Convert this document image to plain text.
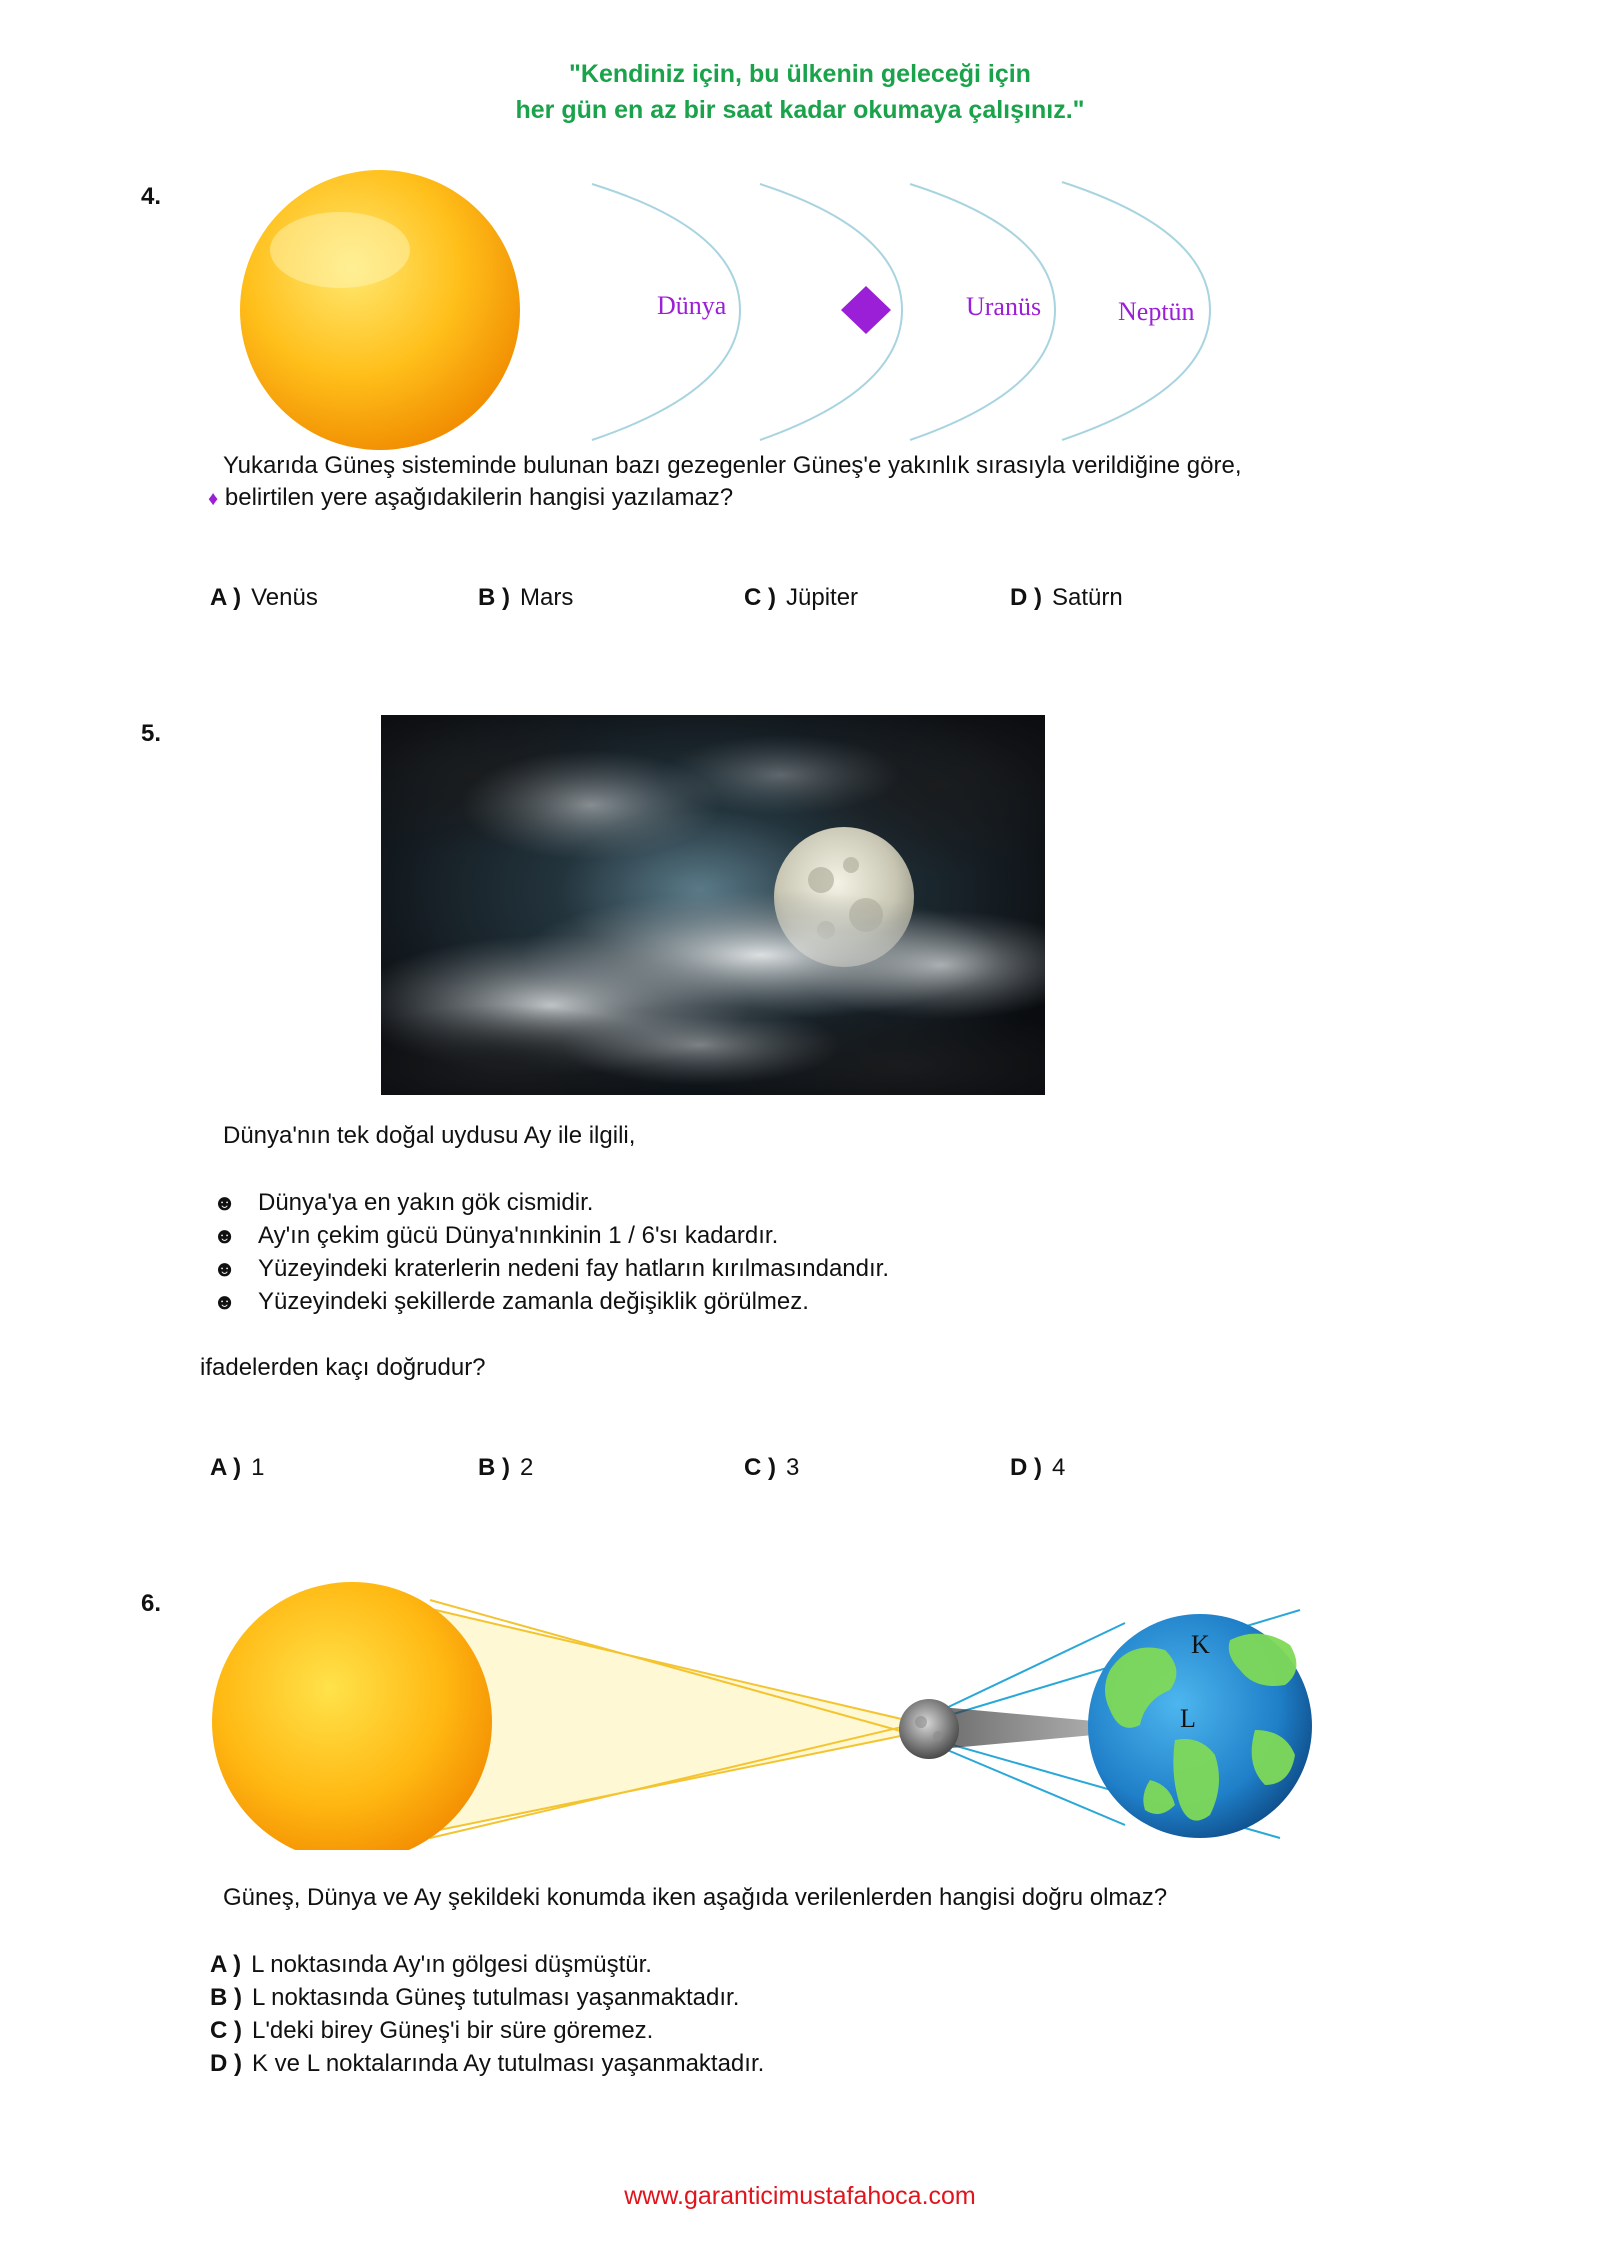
"Kendiniz için, bu ülkenin geleceği için
her gün en az bir saat kadar okumaya çalışınız."
4.
Dünya	Uranüs	Neptün
Yukarıda Güneş sisteminde bulunan bazı gezegenler Güneş'e yakınlık sırasıyla verildiğine göre,
♦ belirtilen yere aşağıdakilerin hangisi yazılamaz?
A ) Venüs	B ) Mars	C ) Jüpiter	D ) Satürn
5.
Dünya'nın tek doğal uydusu Ay ile ilgili,
☻ Dünya'ya en yakın gök cismidir.
☻ Ay'ın çekim gücü Dünya'nınkinin 1 / 6'sı kadardır.
☻ Yüzeyindeki kraterlerin nedeni fay hatların kırılmasındandır.
☻ Yüzeyindeki şekillerde zamanla değişiklik görülmez.
ifadelerden kaçı doğrudur?
A ) 1	B ) 2	C ) 3	D ) 4
6.
K
L
Güneş, Dünya ve Ay şekildeki konumda iken aşağıda verilenlerden hangisi doğru olmaz?
A ) L noktasında Ay'ın gölgesi düşmüştür.
B ) L noktasında Güneş tutulması yaşanmaktadır.
C ) L'deki birey Güneş'i bir süre göremez.
D ) K ve L noktalarında Ay tutulması yaşanmaktadır.
www.garanticimustafahoca.com
